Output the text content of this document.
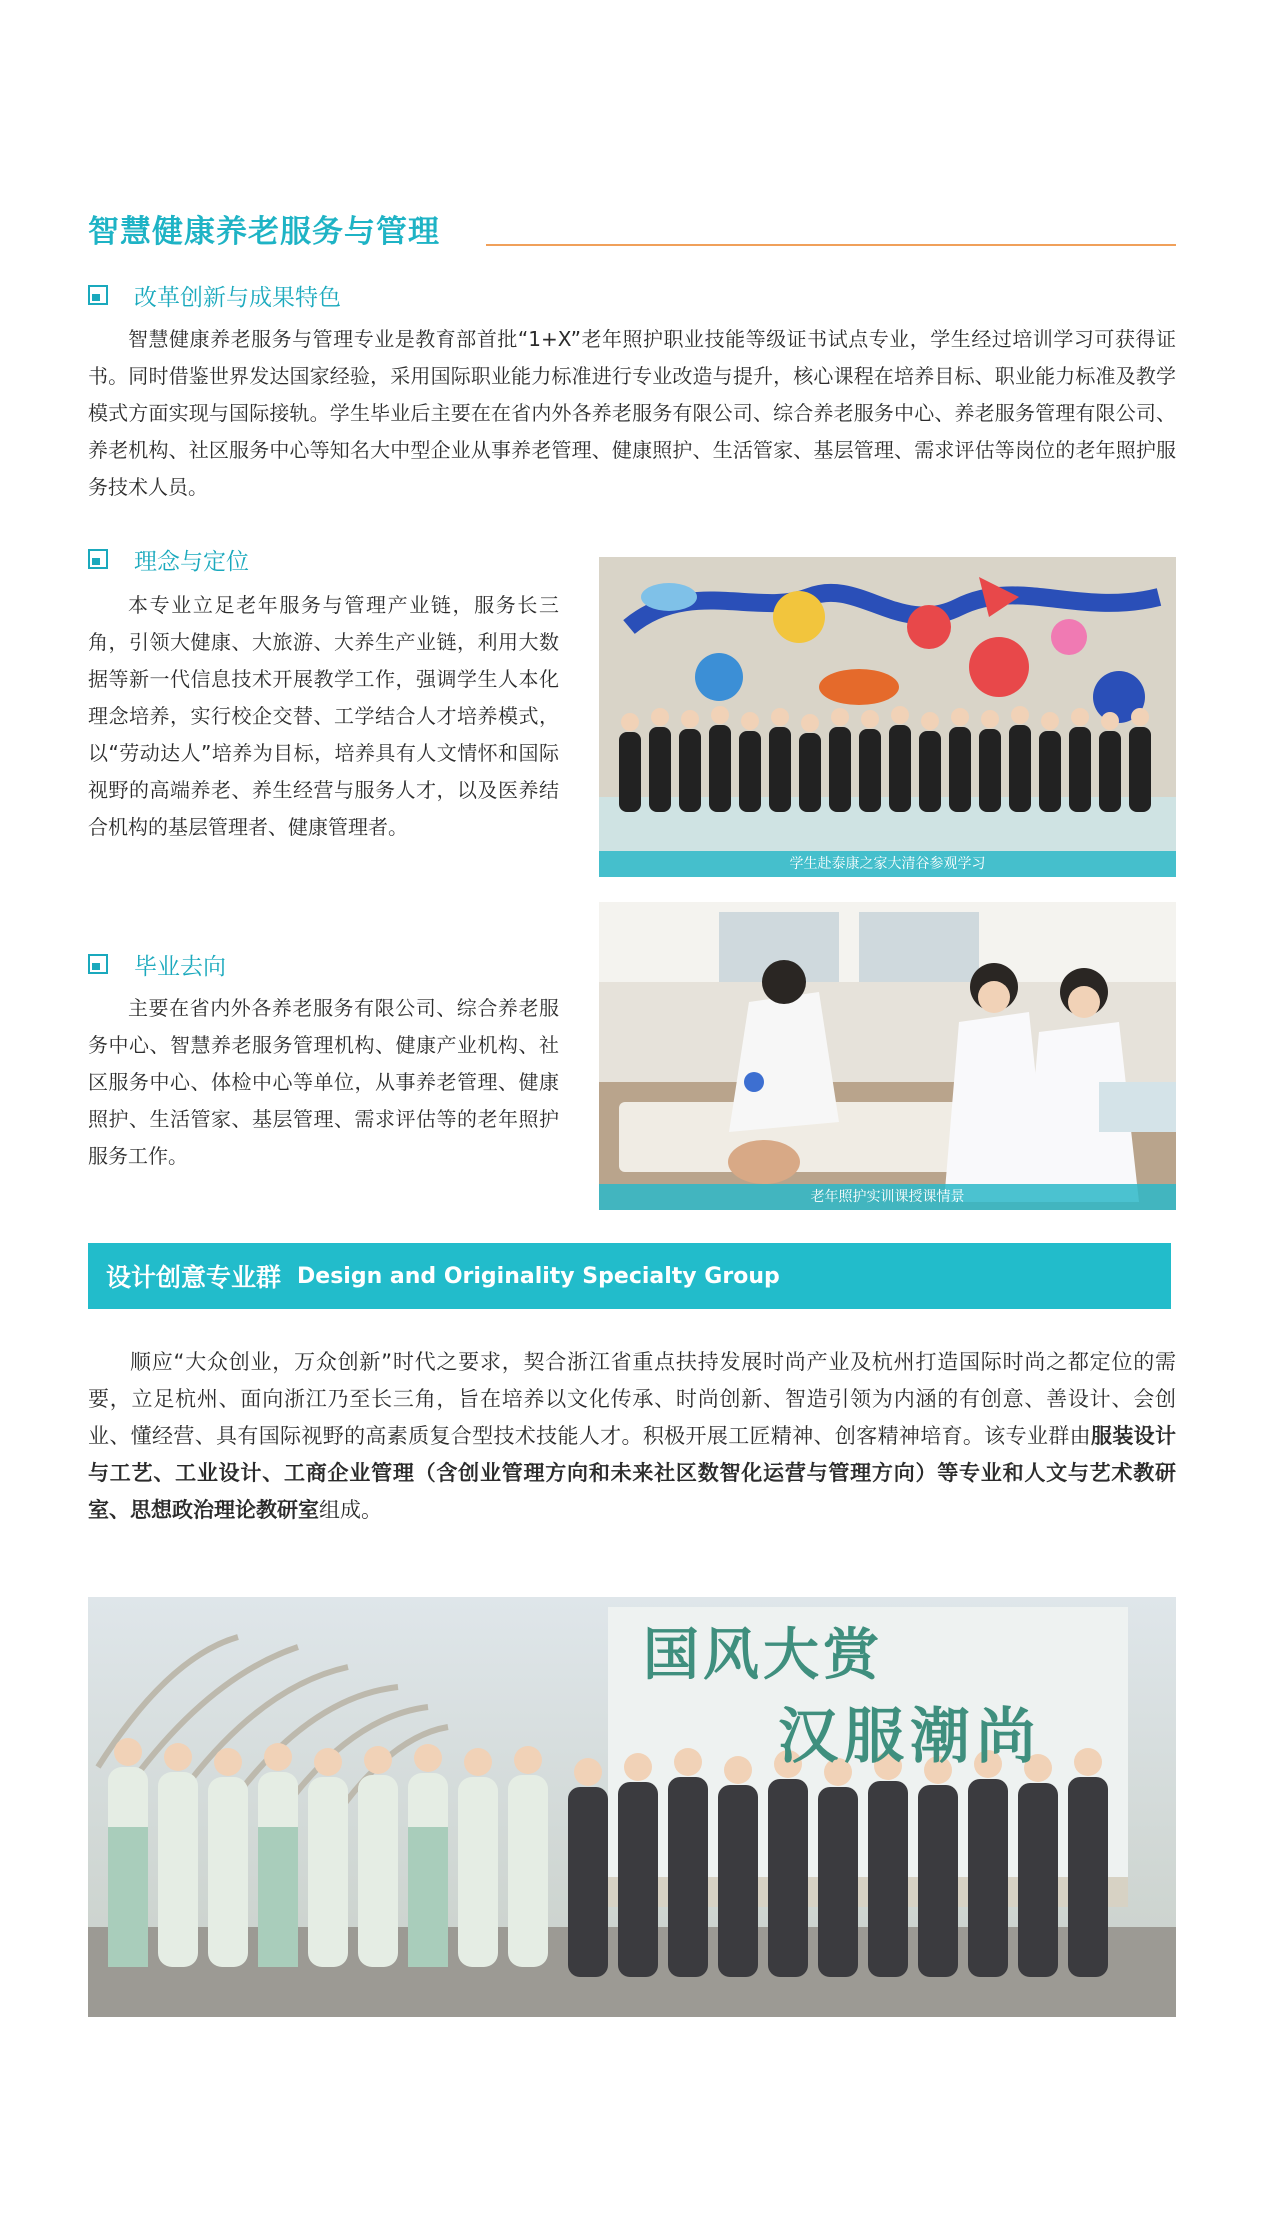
智慧健康养老服务与管理
改革创新与成果特色

智慧健康养老服务与管理专业是教育部首批“1+X”老年照护职业技能等级证书试点专业，学生经过培训学习可获得证书。同时借鉴世界发达国家经验，采用国际职业能力标准进行专业改造与提升，核心课程在培养目标、职业能力标准及教学模式方面实现与国际接轨。学生毕业后主要在在省内外各养老服务有限公司、综合养老服务中心、养老服务管理有限公司、养老机构、社区服务中心等知名大中型企业从事养老管理、健康照护、生活管家、基层管理、需求评估等岗位的老年照护服务技术人员。

理念与定位

本专业立足老年服务与管理产业链，服务长三角，引领大健康、大旅游、大养生产业链，利用大数据等新一代信息技术开展教学工作，强调学生人本化理念培养，实行校企交替、工学结合人才培养模式，以“劳动达人”培养为目标，培养具有人文情怀和国际视野的高端养老、养生经营与服务人才，以及医养结合机构的基层管理者、健康管理者。

毕业去向

主要在省内外各养老服务有限公司、综合养老服务中心、智慧养老服务管理机构、健康产业机构、社区服务中心、体检中心等单位，从事养老管理、健康照护、生活管家、基层管理、需求评估等的老年照护服务工作。

学生赴泰康之家大清谷参观学习
老年照护实训课授课情景
设计创意专业群 Design and Originality Specialty Group

顺应“大众创业，万众创新”时代之要求，契合浙江省重点扶持发展时尚产业及杭州打造国际时尚之都定位的需要，立足杭州、面向浙江乃至长三角，旨在培养以文化传承、时尚创新、智造引领为内涵的有创意、善设计、会创业、懂经营、具有国际视野的高素质复合型技术技能人才。积极开展工匠精神、创客精神培育。该专业群由服装设计与工艺、工业设计、工商企业管理（含创业管理方向和未来社区数智化运营与管理方向）等专业和人文与艺术教研室、思想政治理论教研室组成。

国风大赏
汉服潮尚
